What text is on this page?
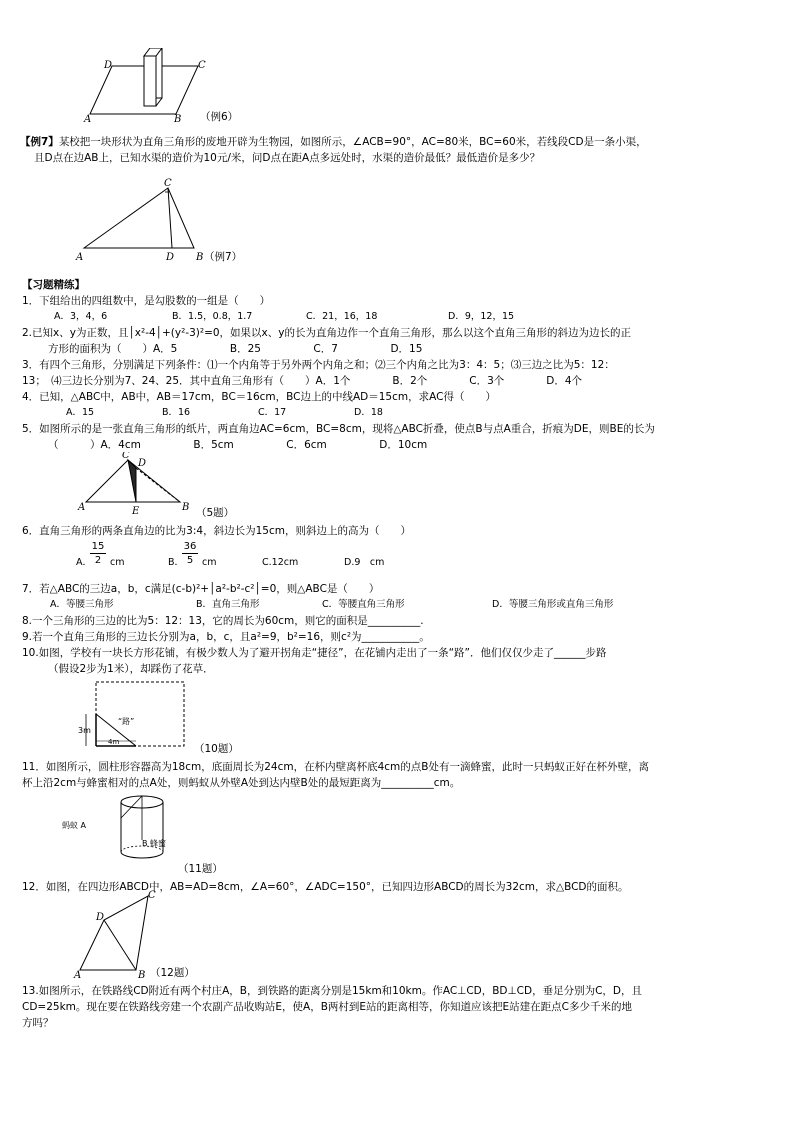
D	C
A	B （例6）
【例7】某校把一块形状为直角三角形的废地开辟为生物园，如图所示，∠ACB=90°，AC=80米，BC=60米，若线段CD是一条小渠，
且D点在边AB上，已知水渠的造价为10元/米，问D点在距A点多远处时，水渠的造价最低？最低造价是多少？
C
A	D B （例7）
【习题精练】
1．下组给出的四组数中，是勾股数的一组是（　　）
A．3，4，6	B．1.5，0.8，1.7	C．21，16，18	D．9，12，15
2.已知x、y为正数，且│x²-4│+(y²-3)²=0，如果以x、y的长为直角边作一个直角三角形，那么以这个直角三角形的斜边为边长的正
方形的面积为（　　）A．5　　　　　B．25　　　　　C．7　　　　　D．15
3．有四个三角形，分别满足下列条件：⑴一个内角等于另外两个内角之和；⑵三个内角之比为3：4：5；⑶三边之比为5：12：
13；　⑷三边长分别为7、24、25．其中直角三角形有（　　）A．1个　　　　B．2个　　　　C．3个　　　　D．4个
4．已知，△ABC中，AB中，AB＝17cm，BC＝16cm，BC边上的中线AD＝15cm，求AC得（　　）
A．15	B．16	C．17	D．18
5．如图所示的是一张直角三角形的纸片，两直角边AC=6cm，BC=8cm，现将△ABC折叠，使点B与点A重合，折痕为DE，则BE的长为
（　　　）A．4cm　　　　　B．5cm　　　　　C．6cm　　　　　D．10cm
C
D
A	E	B （5题）
6．直角三角形的两条直角边的比为3:4，斜边长为15cm，则斜边上的高为（　　）
A．
15
2 cm	B．
36
5 cm	C.12cm	D.9　cm
7．若△ABC的三边a，b，c满足(c-b)²+│a²-b²-c²│=0，则△ABC是（　　）
A．等腰三角形	B．直角三角形	C．等腰直角三角形	D．等腰三角形或直角三角形
8.一个三角形的三边的比为5：12：13，它的周长为60cm，则它的面积是__________.
9.若一个直角三角形的三边长分别为a，b，c，且a²=9，b²=16，则c²为___________。
10.如图，学校有一块长方形花铺，有极少数人为了避开拐角走“捷径”，在花铺内走出了一条“路”．他们仅仅少走了______步路
（假设2步为1米），却踩伤了花草．
3m
4m
“路”
（10题）
11．如图所示，圆柱形容器高为18cm，底面周长为24cm，在杯内壁离杯底4cm的点B处有一滴蜂蜜，此时一只蚂蚁正好在杯外壁，离
杯上沿2cm与蜂蜜相对的点A处，则蚂蚁从外壁A处到达内壁B处的最短距离为__________cm。
蚂蚁 A
B 蜂蜜
（11题）
12．如图，在四边形ABCD中，AB=AD=8cm，∠A=60°，∠ADC=150°，已知四边形ABCD的周长为32cm，求△BCD的面积。
C
D
A	B （12题）
13.如图所示，在铁路线CD附近有两个村庄A，B，到铁路的距离分别是15km和10km。作AC⊥CD，BD⊥CD，垂足分别为C，D，且
CD=25km。现在要在铁路线旁建一个农副产品收购站E，使A，B两村到E站的距离相等，你知道应该把E站建在距点C多少千米的地
方吗？
